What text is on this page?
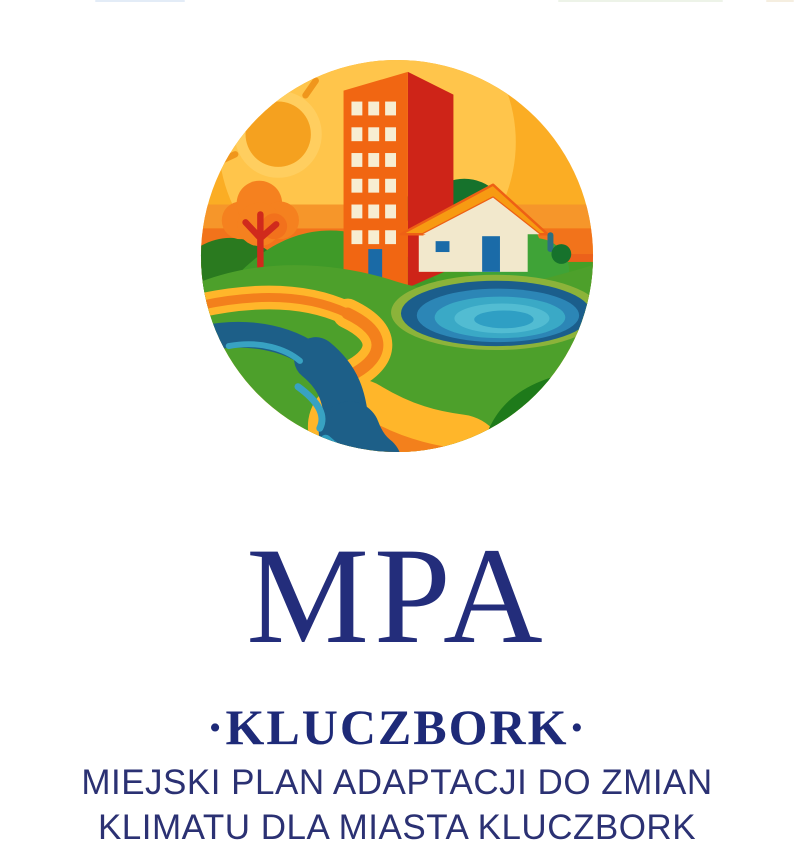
MPA
·KLUCZBORK·
MIEJSKI PLAN ADAPTACJI DO ZMIAN
KLIMATU DLA MIASTA KLUCZBORK
